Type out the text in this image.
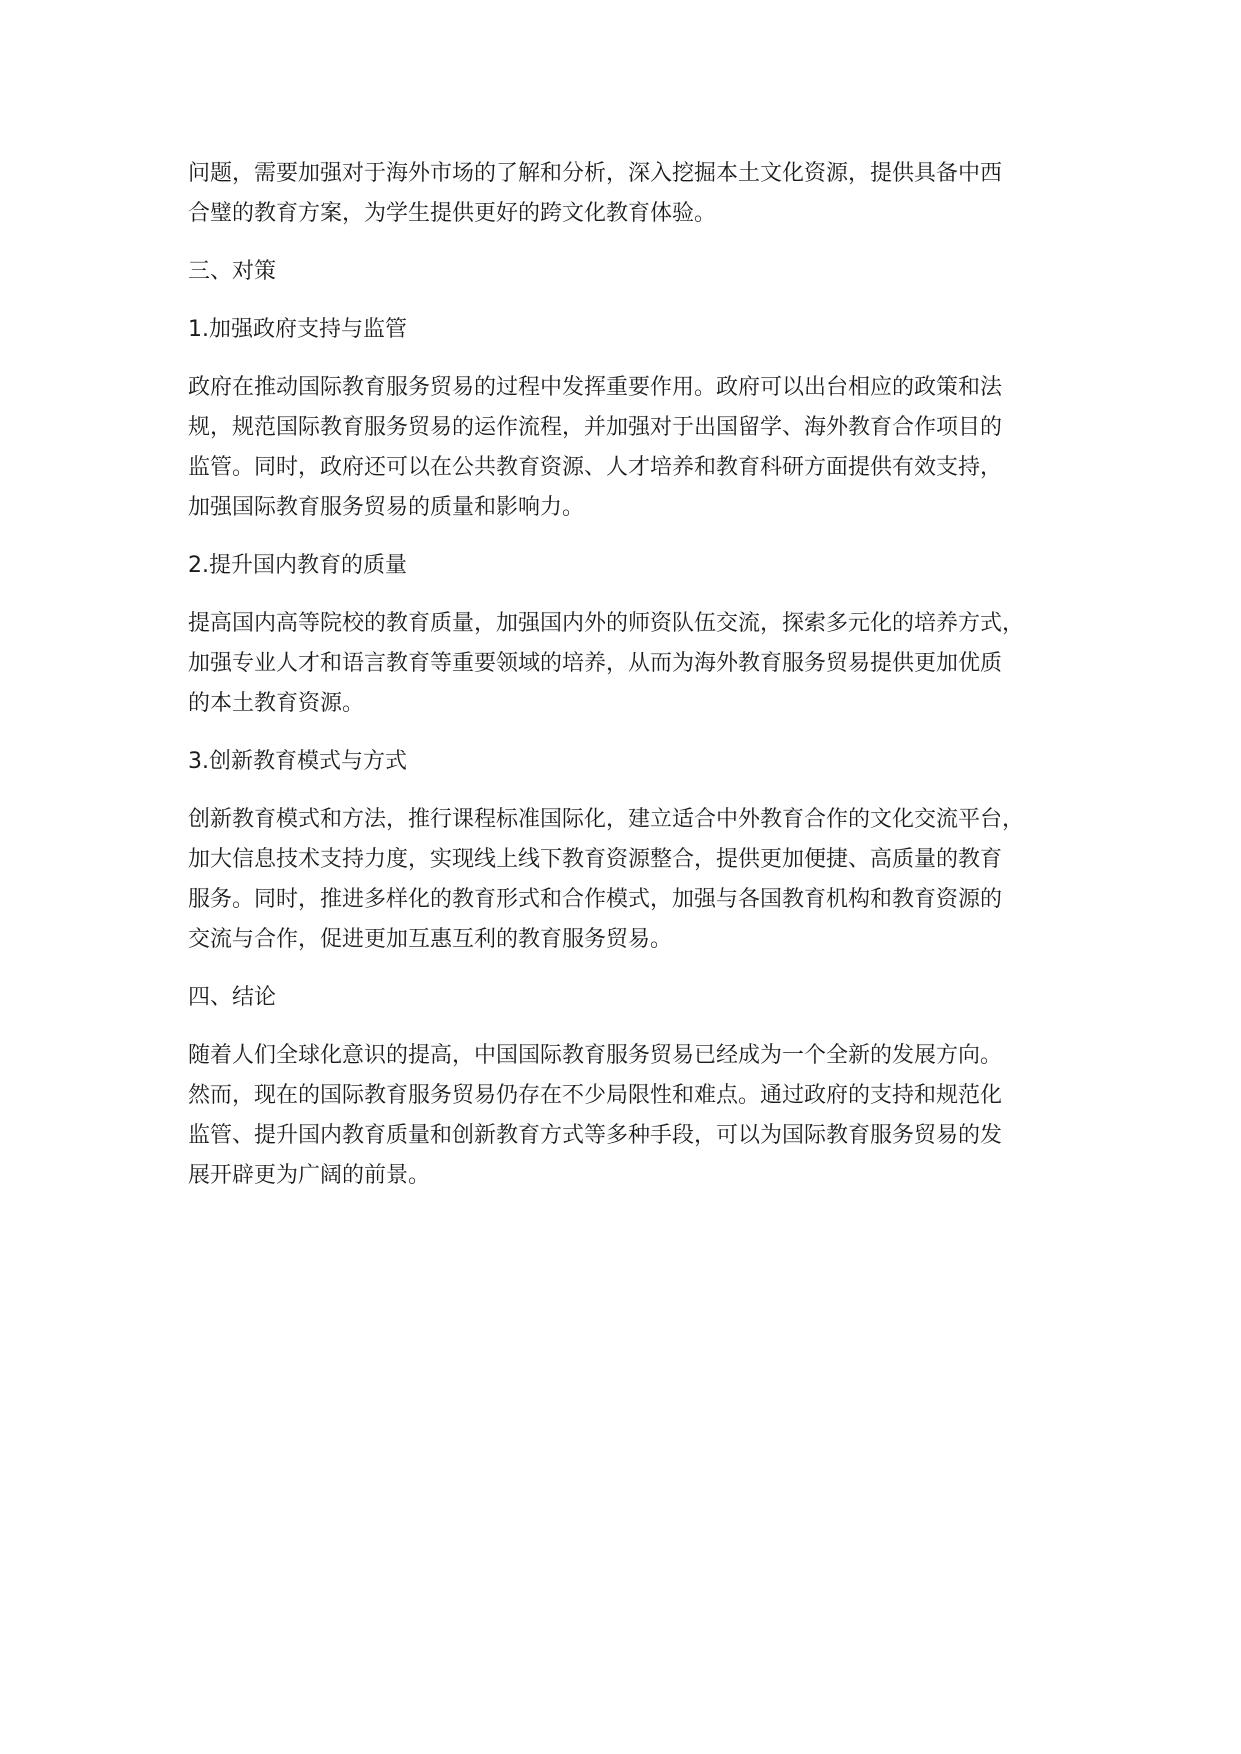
问题，需要加强对于海外市场的了解和分析，深入挖掘本土文化资源，提供具备中西
合璧的教育方案，为学生提供更好的跨文化教育体验。
三、对策
1.加强政府支持与监管
政府在推动国际教育服务贸易的过程中发挥重要作用。政府可以出台相应的政策和法
规，规范国际教育服务贸易的运作流程，并加强对于出国留学、海外教育合作项目的
监管。同时，政府还可以在公共教育资源、人才培养和教育科研方面提供有效支持，
加强国际教育服务贸易的质量和影响力。
2.提升国内教育的质量
提高国内高等院校的教育质量，加强国内外的师资队伍交流，探索多元化的培养方式，
加强专业人才和语言教育等重要领域的培养，从而为海外教育服务贸易提供更加优质
的本土教育资源。
3.创新教育模式与方式
创新教育模式和方法，推行课程标准国际化，建立适合中外教育合作的文化交流平台，
加大信息技术支持力度，实现线上线下教育资源整合，提供更加便捷、高质量的教育
服务。同时，推进多样化的教育形式和合作模式，加强与各国教育机构和教育资源的
交流与合作，促进更加互惠互利的教育服务贸易。
四、结论
随着人们全球化意识的提高，中国国际教育服务贸易已经成为一个全新的发展方向。
然而，现在的国际教育服务贸易仍存在不少局限性和难点。通过政府的支持和规范化
监管、提升国内教育质量和创新教育方式等多种手段，可以为国际教育服务贸易的发
展开辟更为广阔的前景。
